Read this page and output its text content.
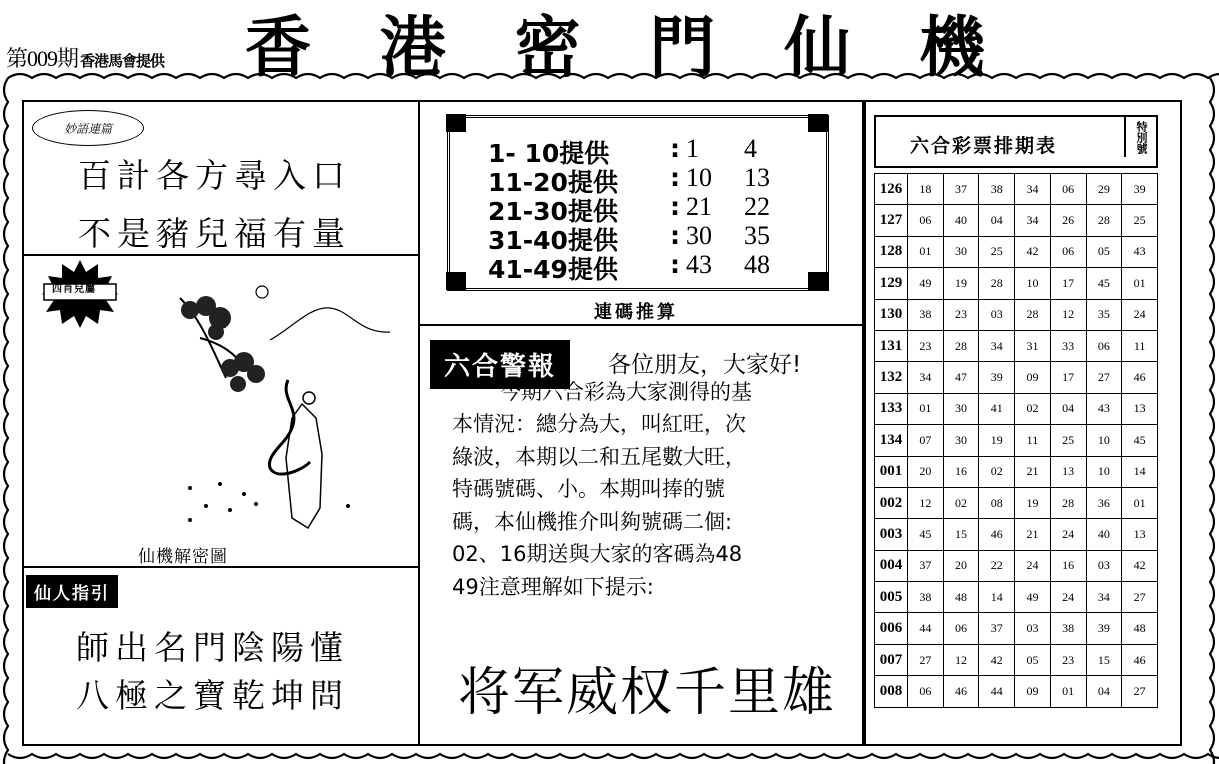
第009期 香港馬會提供 香 港 密 門 仙 機
妙語連篇
百計各方尋入口
不是豬兒福有量
四肖兒屬
仙機解密圖
仙人指引
師出名門陰陽懂
八極之寶乾坤問
1- 10提供 : 1 4
11-20提供 : 10 13
21-30提供 : 21 22
31-40提供 : 30 35
41-49提供 : 43 48
連碼推算
六合警報	各位朋友，大家好!
今期六合彩為大家測得的基
本情況：總分為大，叫紅旺，次
綠波，本期以二和五尾數大旺，
特碼號碼、小。本期叫捧的號
碼，本仙機推介叫夠號碼二個:
02、16期送與大家的客碼為48
49注意理解如下提示:
将军威权千里雄
六合彩票排期表	特別號
126	18	37	38	34	06	29	39
127	06	40	04	34	26	28	25
128	01	30	25	42	06	05	43
129	49	19	28	10	17	45	01
130	38	23	03	28	12	35	24
131	23	28	34	31	33	06	11
132	34	47	39	09	17	27	46
133	01	30	41	02	04	43	13
134	07	30	19	11	25	10	45
001	20	16	02	21	13	10	14
002	12	02	08	19	28	36	01
003	45	15	46	21	24	40	13
004	37	20	22	24	16	03	42
005	38	48	14	49	24	34	27
006	44	06	37	03	38	39	48
007	27	12	42	05	23	15	46
008	06	46	44	09	01	04	27
